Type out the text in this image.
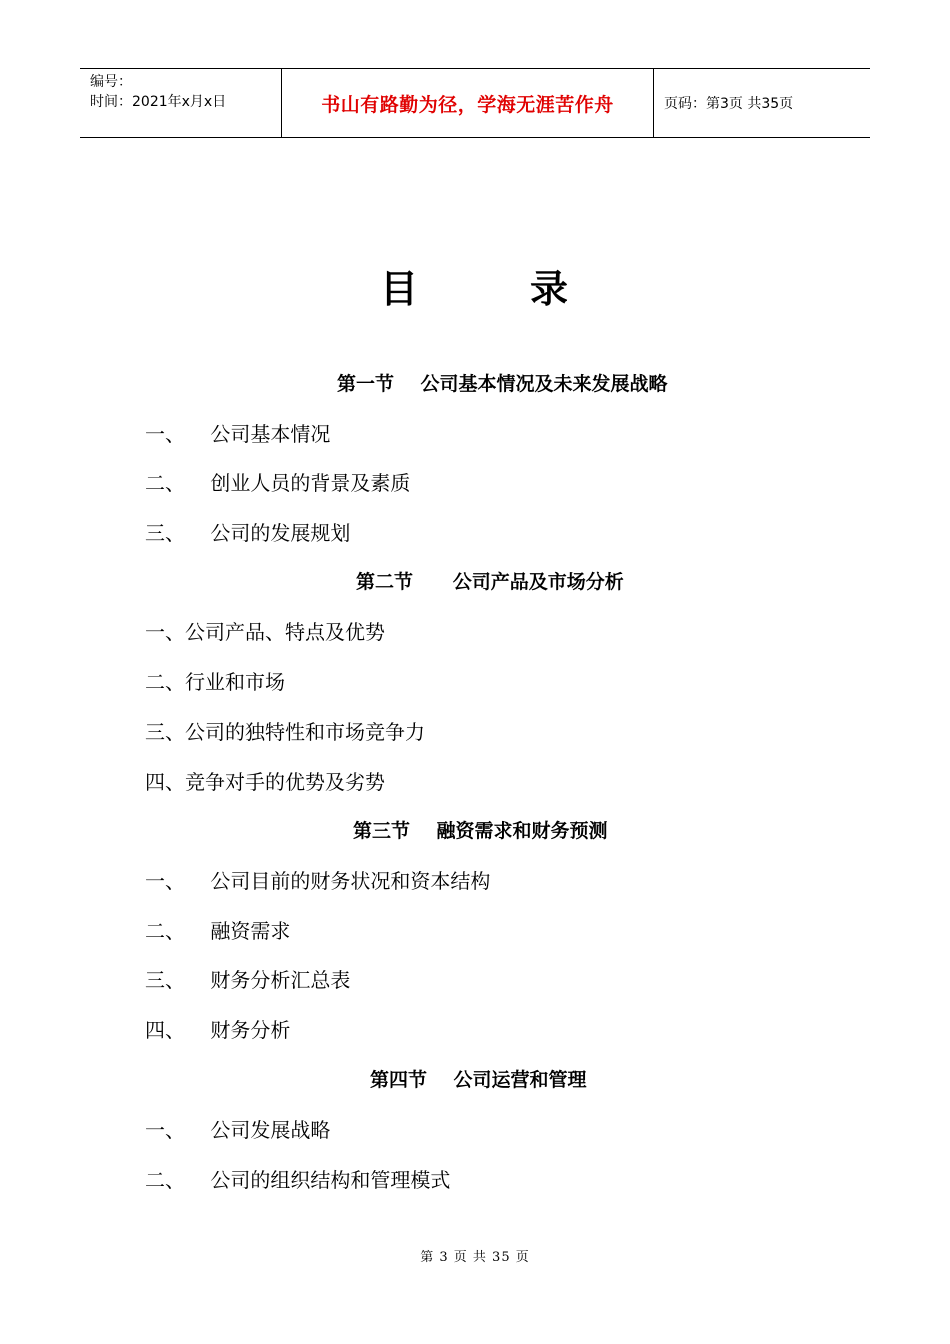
编号：
时间：2021年x月x日	书山有路勤为径，学海无涯苦作舟	页码：第3页 共35页
目	录
第一节    公司基本情况及未来发展战略
一、    公司基本情况
二、    创业人员的背景及素质
三、    公司的发展规划
第二节      公司产品及市场分析
一、公司产品、特点及优势
二、行业和市场
三、公司的独特性和市场竞争力
四、竞争对手的优势及劣势
第三节    融资需求和财务预测
一、    公司目前的财务状况和资本结构
二、    融资需求
三、    财务分析汇总表
四、    财务分析
第四节    公司运营和管理
一、    公司发展战略
二、    公司的组织结构和管理模式
第 3 页 共 35 页
